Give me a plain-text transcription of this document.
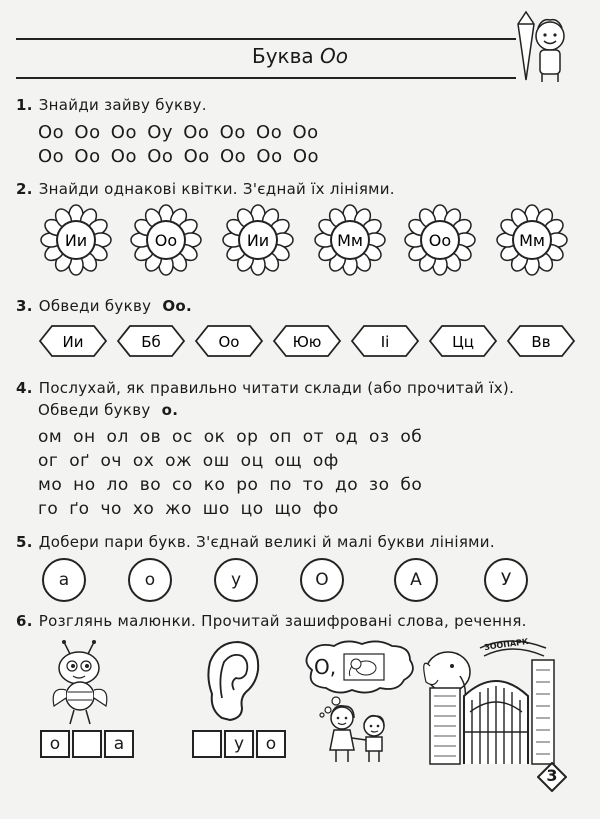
Буква Оо
1. Знайди зайву букву.
Оо Оо Оо Оу Оо Оо Оо Оо
Оо Оо Оо Оо Оо Оо Оо Оо
2. Знайди однакові квітки. З'єднай їх лініями.
Ии	Оо	Ии	Мм	Оо	Мм
3. Обведи букву Оо.
Ии	Бб	Оо	Юю	Іі	Цц	Вв
4. Послухай, як правильно читати склади (або прочитай їх).
Обведи букву о.
ом он ол ов ос ок ор оп от од оз об
ог оґ оч ох ож ош оц ощ оф
мо но ло во со ко ро по то до зо бо
го ґо чо хо жо шо цо що фо
5. Добери пари букв. З'єднай великі й малі букви лініями.
а	о	у	О	А	У
6. Розглянь малюнки. Прочитай зашифровані слова, речення.
О,
ЗООПАРК
о	а	у	о
3
